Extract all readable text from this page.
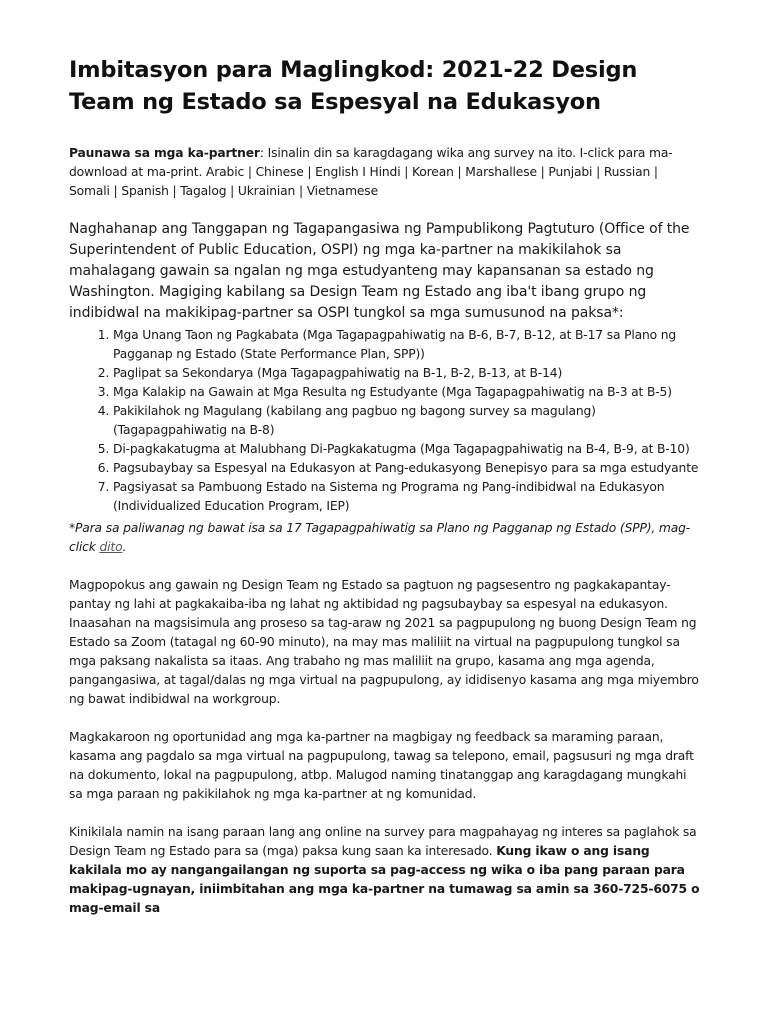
Imbitasyon para Maglingkod: 2021-22 Design Team ng Estado sa Espesyal na Edukasyon
Paunawa sa mga ka-partner: Isinalin din sa karagdagang wika ang survey na ito. I-click para ma-download at ma-print. Arabic | Chinese | English I Hindi | Korean | Marshallese | Punjabi | Russian | Somali | Spanish | Tagalog | Ukrainian | Vietnamese
Naghahanap ang Tanggapan ng Tagapangasiwa ng Pampublikong Pagtuturo (Office of the Superintendent of Public Education, OSPI) ng mga ka-partner na makikilahok sa mahalagang gawain sa ngalan ng mga estudyanteng may kapansanan sa estado ng Washington. Magiging kabilang sa Design Team ng Estado ang iba't ibang grupo ng indibidwal na makikipag-partner sa OSPI tungkol sa mga sumusunod na paksa*:
1. Mga Unang Taon ng Pagkabata (Mga Tagapagpahiwatig na B-6, B-7, B-12, at B-17 sa Plano ng Pagganap ng Estado (State Performance Plan, SPP))
2. Paglipat sa Sekondarya (Mga Tagapagpahiwatig na B-1, B-2, B-13, at B-14)
3. Mga Kalakip na Gawain at Mga Resulta ng Estudyante (Mga Tagapagpahiwatig na B-3 at B-5)
4. Pakikilahok ng Magulang (kabilang ang pagbuo ng bagong survey sa magulang) (Tagapagpahiwatig na B-8)
5. Di-pagkakatugma at Malubhang Di-Pagkakatugma (Mga Tagapagpahiwatig na B-4, B-9, at B-10)
6. Pagsubaybay sa Espesyal na Edukasyon at Pang-edukasyong Benepisyo para sa mga estudyante
7. Pagsiyasat sa Pambuong Estado na Sistema ng Programa ng Pang-indibidwal na Edukasyon (Individualized Education Program, IEP)
*Para sa paliwanag ng bawat isa sa 17 Tagapagpahiwatig sa Plano ng Pagganap ng Estado (SPP), mag-click dito.
Magpopokus ang gawain ng Design Team ng Estado sa pagtuon ng pagsesentro ng pagkakapantay-pantay ng lahi at pagkakaiba-iba ng lahat ng aktibidad ng pagsubaybay sa espesyal na edukasyon. Inaasahan na magsisimula ang proseso sa tag-araw ng 2021 sa pagpupulong ng buong Design Team ng Estado sa Zoom (tatagal ng 60-90 minuto), na may mas maliliit na virtual na pagpupulong tungkol sa mga paksang nakalista sa itaas. Ang trabaho ng mas maliliit na grupo, kasama ang mga agenda, pangangasiwa, at tagal/dalas ng mga virtual na pagpupulong, ay ididisenyo kasama ang mga miyembro ng bawat indibidwal na workgroup.
Magkakaroon ng oportunidad ang mga ka-partner na magbigay ng feedback sa maraming paraan, kasama ang pagdalo sa mga virtual na pagpupulong, tawag sa telepono, email, pagsusuri ng mga draft na dokumento, lokal na pagpupulong, atbp. Malugod naming tinatanggap ang karagdagang mungkahi sa mga paraan ng pakikilahok ng mga ka-partner at ng komunidad.
Kinikilala namin na isang paraan lang ang online na survey para magpahayag ng interes sa paglahok sa Design Team ng Estado para sa (mga) paksa kung saan ka interesado. Kung ikaw o ang isang kakilala mo ay nangangailangan ng suporta sa pag-access ng wika o iba pang paraan para makipag-ugnayan, iniimbitahan ang mga ka-partner na tumawag sa amin sa 360-725-6075 o mag-email sa
